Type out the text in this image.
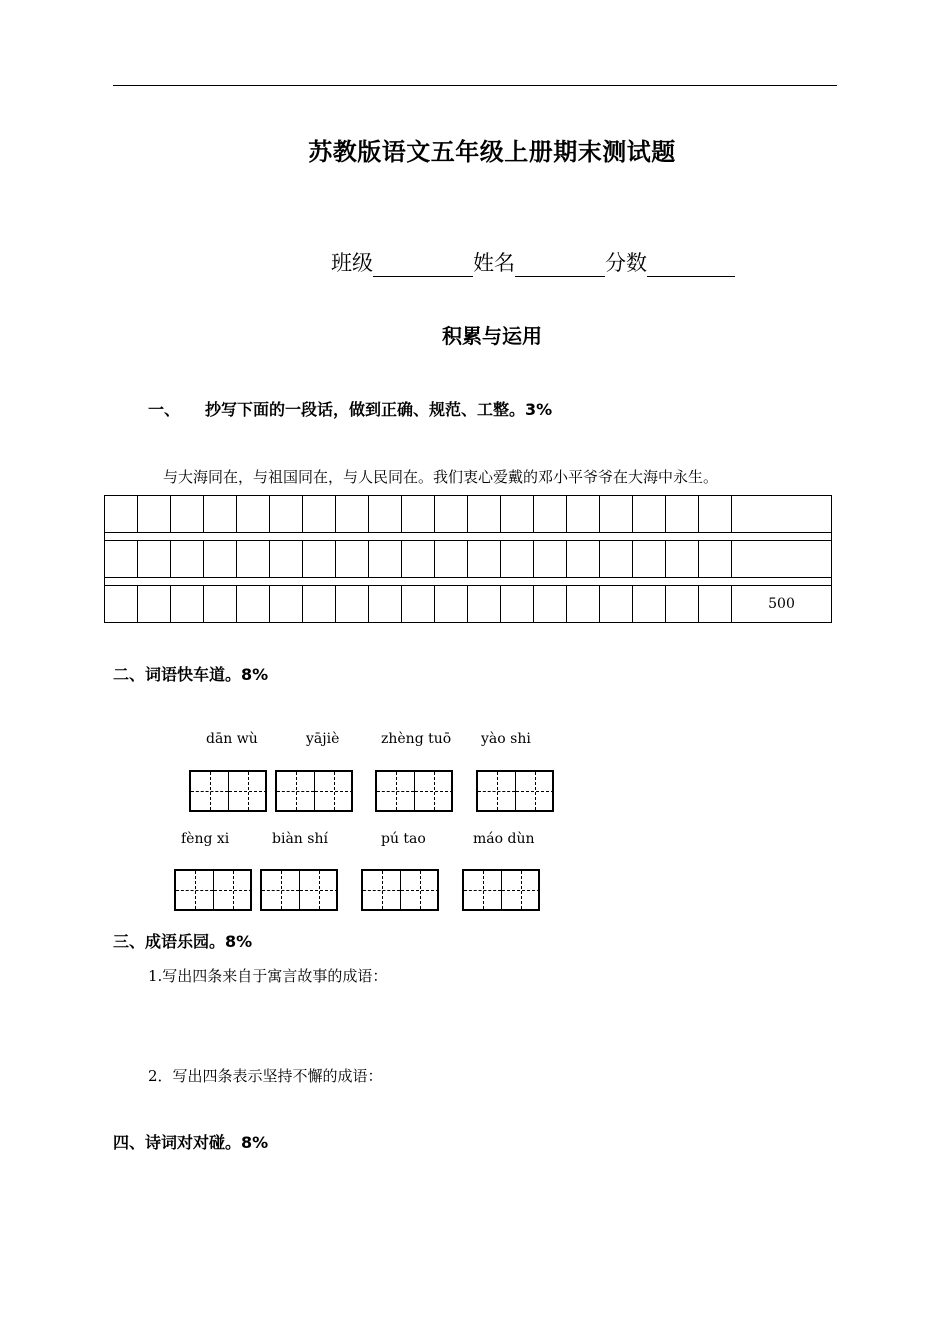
苏教版语文五年级上册期末测试题
班级	姓名	分数
积累与运用
一、 抄写下面的一段话，做到正确、规范、工整。3%
与大海同在，与祖国同在，与人民同在。我们衷心爱戴的邓小平爷爷在大海中永生。

																			500
二、词语快车道。8%
dān wù	yājiè	zhèng tuō yào shi
fèng xi	biàn shí	pú tao	máo dùn
三、成语乐园。8%
1.写出四条来自于寓言故事的成语：
2．写出四条表示坚持不懈的成语：
四、诗词对对碰。8%
